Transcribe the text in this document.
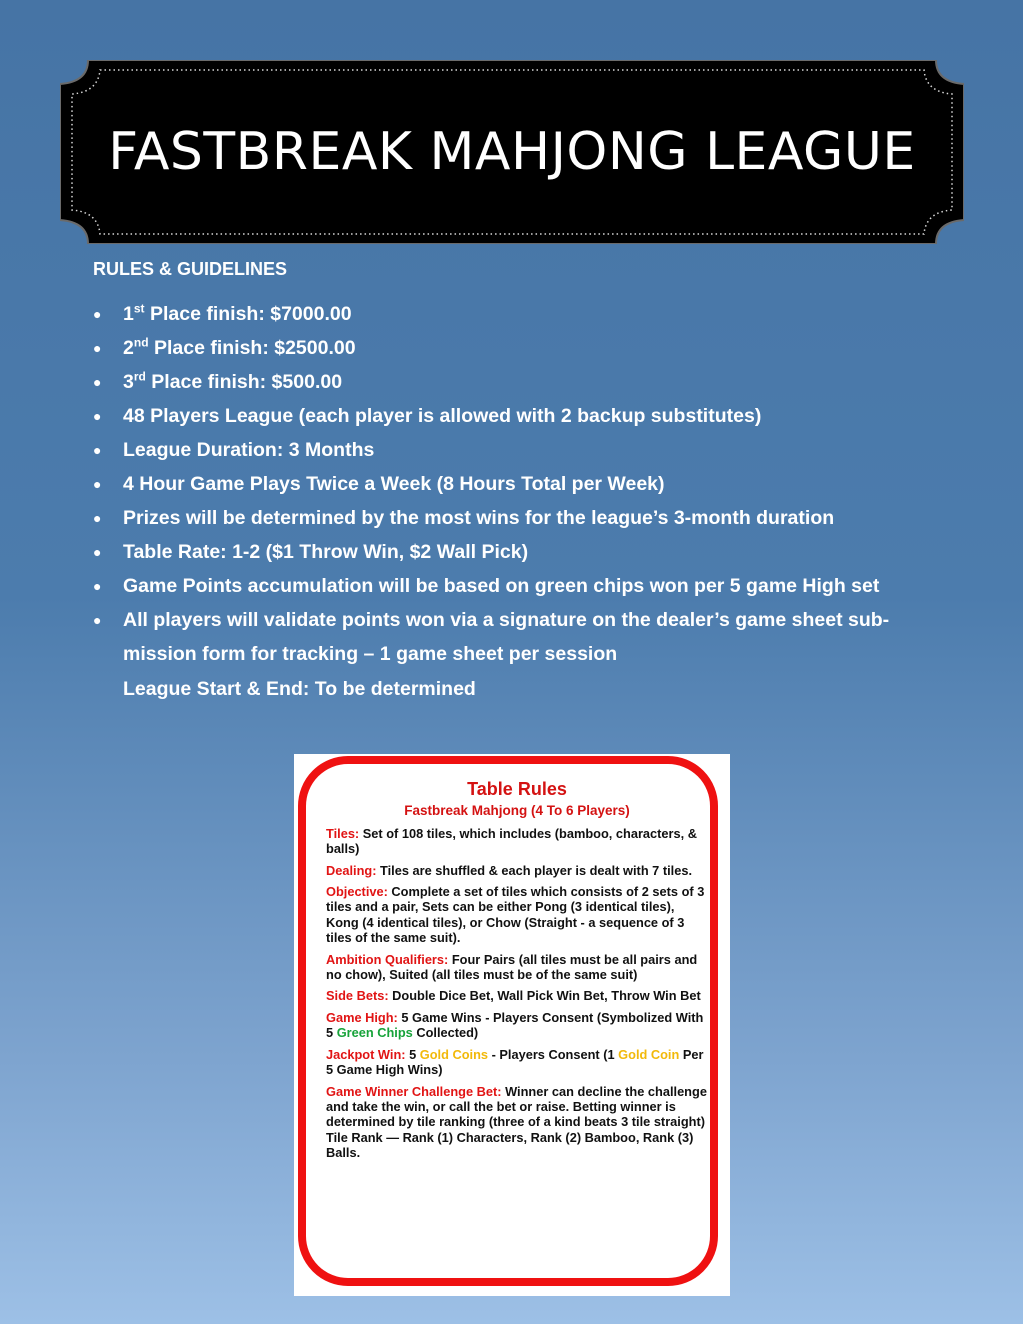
FASTBREAK MAHJONG LEAGUE
RULES & GUIDELINES
● 1st Place finish: $7000.00
● 2nd Place finish: $2500.00
● 3rd Place finish: $500.00
● 48 Players League (each player is allowed with 2 backup substitutes)
● League Duration: 3 Months
● 4 Hour Game Plays Twice a Week (8 Hours Total per Week)
● Prizes will be determined by the most wins for the league’s 3-month duration
● Table Rate: 1-2 ($1 Throw Win, $2 Wall Pick)
● Game Points accumulation will be based on green chips won per 5 game High set
● All players will validate points won via a signature on the dealer’s game sheet sub-mission form for tracking – 1 game sheet per session
League Start & End: To be determined
Table Rules
Fastbreak Mahjong (4 To 6 Players)
Tiles: Set of 108 tiles, which includes (bamboo, characters, & balls)
Dealing: Tiles are shuffled & each player is dealt with 7 tiles.
Objective: Complete a set of tiles which consists of 2 sets of 3 tiles and a pair, Sets can be either Pong (3 identical tiles), Kong (4 identical tiles), or Chow (Straight - a sequence of 3 tiles of the same suit).
Ambition Qualifiers: Four Pairs (all tiles must be all pairs and no chow), Suited (all tiles must be of the same suit)
Side Bets: Double Dice Bet, Wall Pick Win Bet, Throw Win Bet
Game High: 5 Game Wins - Players Consent (Symbolized With 5 Green Chips Collected)
Jackpot Win: 5 Gold Coins - Players Consent (1 Gold Coin Per 5 Game High Wins)
Game Winner Challenge Bet: Winner can decline the challenge and take the win, or call the bet or raise. Betting winner is determined by tile ranking (three of a kind beats 3 tile straight) Tile Rank — Rank (1) Characters, Rank (2) Bamboo, Rank (3) Balls.
